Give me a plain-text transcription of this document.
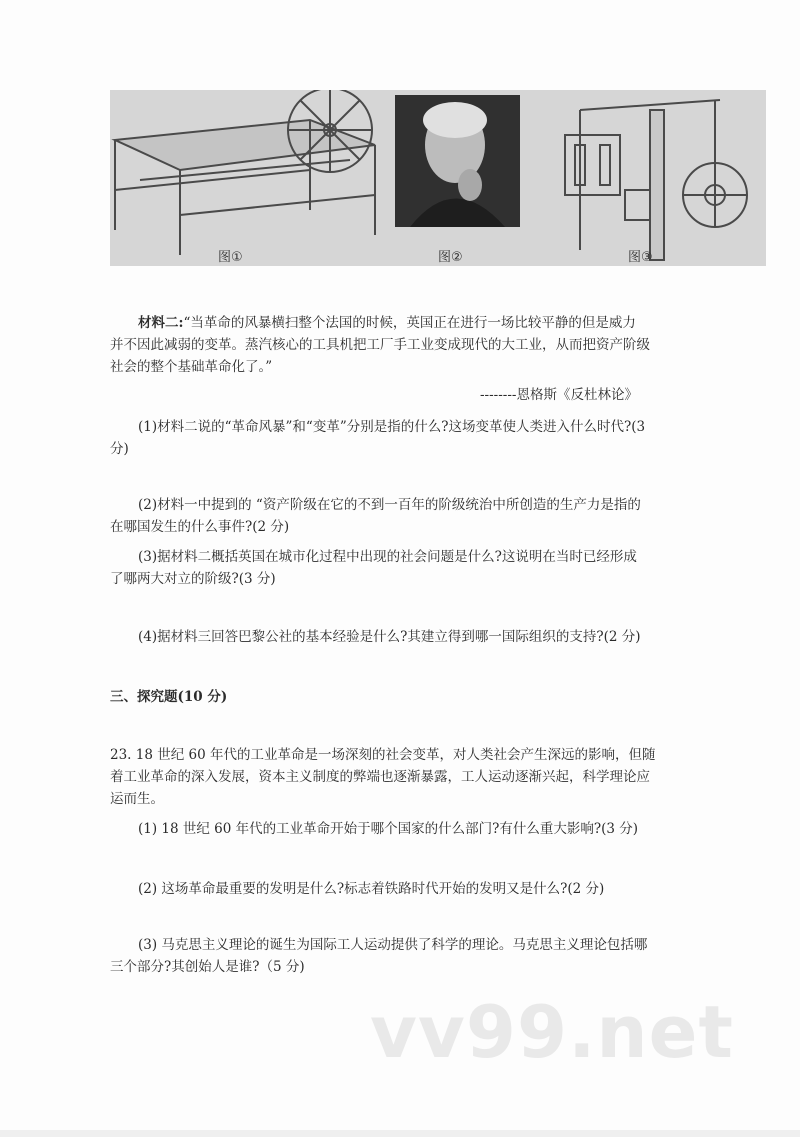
图①	图②	图③
材料二:“当革命的风暴横扫整个法国的时候，英国正在进行一场比较平静的但是威力
并不因此减弱的变革。蒸汽核心的工具机把工厂手工业变成现代的大工业，从而把资产阶级
社会的整个基础革命化了。”
--------恩格斯《反杜林论》
(1)材料二说的“革命风暴”和“变革”分别是指的什么?这场变革使人类进入什么时代?(3
分)
(2)材料一中提到的 “资产阶级在它的不到一百年的阶级统治中所创造的生产力是指的
在哪国发生的什么事件?(2 分)
(3)据材料二概括英国在城市化过程中出现的社会问题是什么?这说明在当时已经形成
了哪两大对立的阶级?(3 分)
(4)据材料三回答巴黎公社的基本经验是什么?其建立得到哪一国际组织的支持?(2 分)
三、探究题(10 分)
23. 18 世纪 60 年代的工业革命是一场深刻的社会变革，对人类社会产生深远的影响，但随
着工业革命的深入发展，资本主义制度的弊端也逐渐暴露，工人运动逐渐兴起，科学理论应
运而生。
(1) 18 世纪 60 年代的工业革命开始于哪个国家的什么部门?有什么重大影响?(3 分)
(2) 这场革命最重要的发明是什么?标志着铁路时代开始的发明又是什么?(2 分)
(3) 马克思主义理论的诞生为国际工人运动提供了科学的理论。马克思主义理论包括哪
三个部分?其创始人是谁?（5 分)
vv99.net
